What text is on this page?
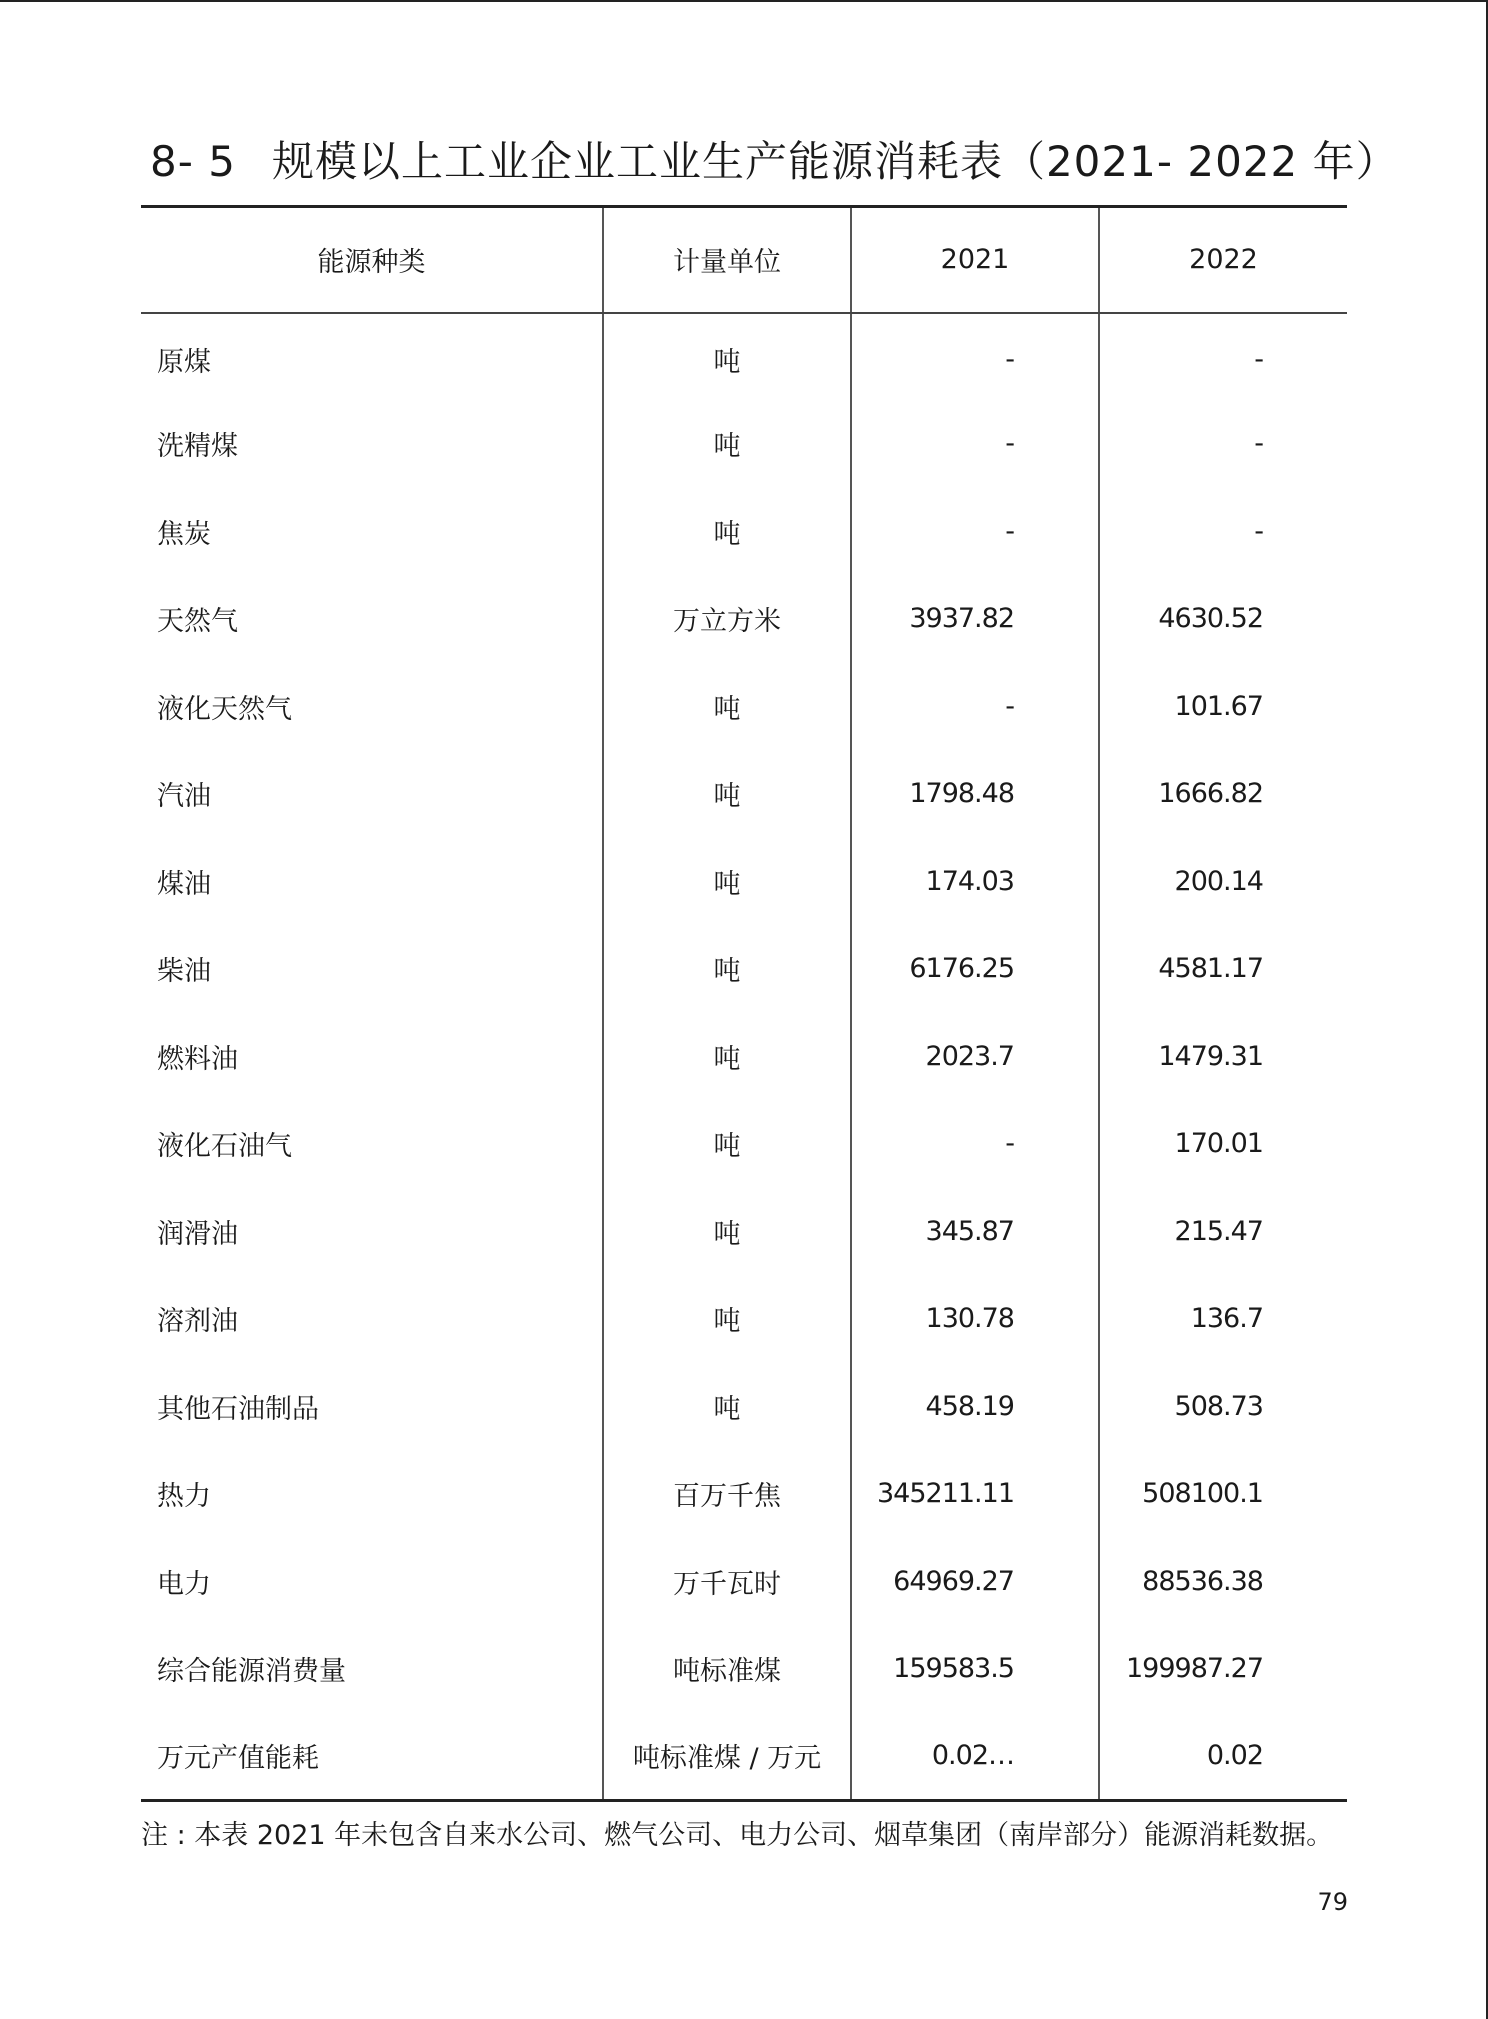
8- 5 规模以上工业企业工业生产能源消耗表（2021- 2022 年）
能源种类	计量单位	2021	2022
原煤	吨	-	-
洗精煤	吨	-	-
焦炭	吨	-	-
天然气	万立方米	3937.82	4630.52
液化天然气	吨	-	101.67
汽油	吨	1798.48	1666.82
煤油	吨	174.03	200.14
柴油	吨	6176.25	4581.17
燃料油	吨	2023.7	1479.31
液化石油气	吨	-	170.01
润滑油	吨	345.87	215.47
溶剂油	吨	130.78	136.7
其他石油制品	吨	458.19	508.73
热力	百万千焦	345211.11	508100.1
电力	万千瓦时	64969.27	88536.38
综合能源消费量	吨标准煤	159583.5	199987.27
万元产值能耗	吨标准煤 / 万元	0.02…	0.02
注 : 本表 2021 年未包含自来水公司、燃气公司、电力公司、烟草集团（南岸部分）能源消耗数据。
79
